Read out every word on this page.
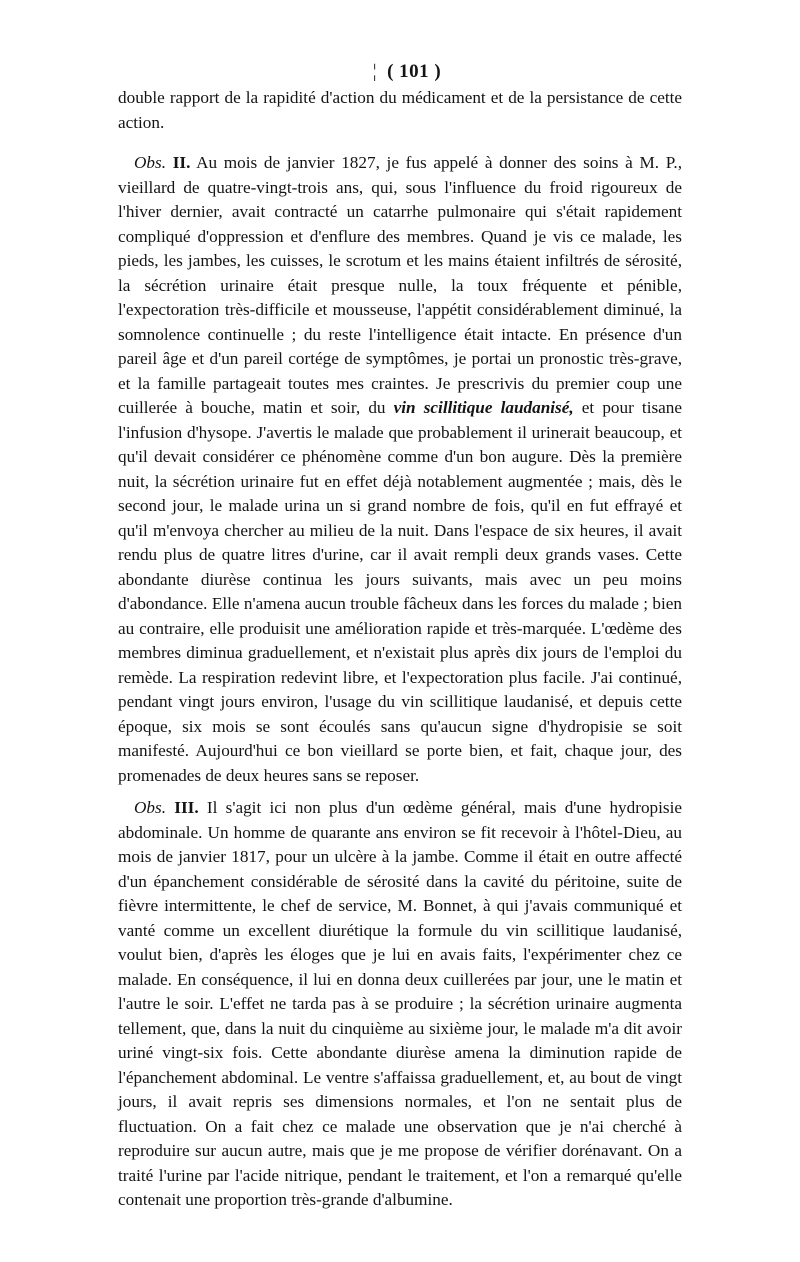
¦ ( 101 )

double rapport de la rapidité d'action du médicament et de la persistance de cette action.

Obs. II. Au mois de janvier 1827, je fus appelé à donner des soins à M. P., vieillard de quatre-vingt-trois ans, qui, sous l'influence du froid rigoureux de l'hiver dernier, avait contracté un catarrhe pulmonaire qui s'était rapidement compliqué d'oppression et d'enflure des membres. Quand je vis ce malade, les pieds, les jambes, les cuisses, le scrotum et les mains étaient infiltrés de sérosité, la sécrétion urinaire était presque nulle, la toux fréquente et pénible, l'expectoration très-difficile et mousseuse, l'appétit considérablement diminué, la somnolence continuelle ; du reste l'intelligence était intacte. En présence d'un pareil âge et d'un pareil cortége de symptômes, je portai un pronostic très-grave, et la famille partageait toutes mes craintes. Je prescrivis du premier coup une cuillerée à bouche, matin et soir, du vin scillitique laudanisé, et pour tisane l'infusion d'hysope. J'avertis le malade que probablement il urinerait beaucoup, et qu'il devait considérer ce phénomène comme d'un bon augure. Dès la première nuit, la sécrétion urinaire fut en effet déjà notablement augmentée ; mais, dès le second jour, le malade urina un si grand nombre de fois, qu'il en fut effrayé et qu'il m'envoya chercher au milieu de la nuit. Dans l'espace de six heures, il avait rendu plus de quatre litres d'urine, car il avait rempli deux grands vases. Cette abondante diurèse continua les jours suivants, mais avec un peu moins d'abondance. Elle n'amena aucun trouble fâcheux dans les forces du malade ; bien au contraire, elle produisit une amélioration rapide et très-marquée. L'œdème des membres diminua graduellement, et n'existait plus après dix jours de l'emploi du remède. La respiration redevint libre, et l'expectoration plus facile. J'ai continué, pendant vingt jours environ, l'usage du vin scillitique laudanisé, et depuis cette époque, six mois se sont écoulés sans qu'aucun signe d'hydropisie se soit manifesté. Aujourd'hui ce bon vieillard se porte bien, et fait, chaque jour, des promenades de deux heures sans se reposer.

Obs. III. Il s'agit ici non plus d'un œdème général, mais d'une hydropisie abdominale. Un homme de quarante ans environ se fit recevoir à l'hôtel-Dieu, au mois de janvier 1817, pour un ulcère à la jambe. Comme il était en outre affecté d'un épanchement considérable de sérosité dans la cavité du péritoine, suite de fièvre intermittente, le chef de service, M. Bonnet, à qui j'avais communiqué et vanté comme un excellent diurétique la formule du vin scillitique laudanisé, voulut bien, d'après les éloges que je lui en avais faits, l'expérimenter chez ce malade. En conséquence, il lui en donna deux cuillerées par jour, une le matin et l'autre le soir. L'effet ne tarda pas à se produire ; la sécrétion urinaire augmenta tellement, que, dans la nuit du cinquième au sixième jour, le malade m'a dit avoir uriné vingt-six fois. Cette abondante diurèse amena la diminution rapide de l'épanchement abdominal. Le ventre s'affaissa graduellement, et, au bout de vingt jours, il avait repris ses dimensions normales, et l'on ne sentait plus de fluctuation. On a fait chez ce malade une observation que je n'ai cherché à reproduire sur aucun autre, mais que je me propose de vérifier dorénavant. On a traité l'urine par l'acide nitrique, pendant le traitement, et l'on a remarqué qu'elle contenait une proportion très-grande d'albumine.
